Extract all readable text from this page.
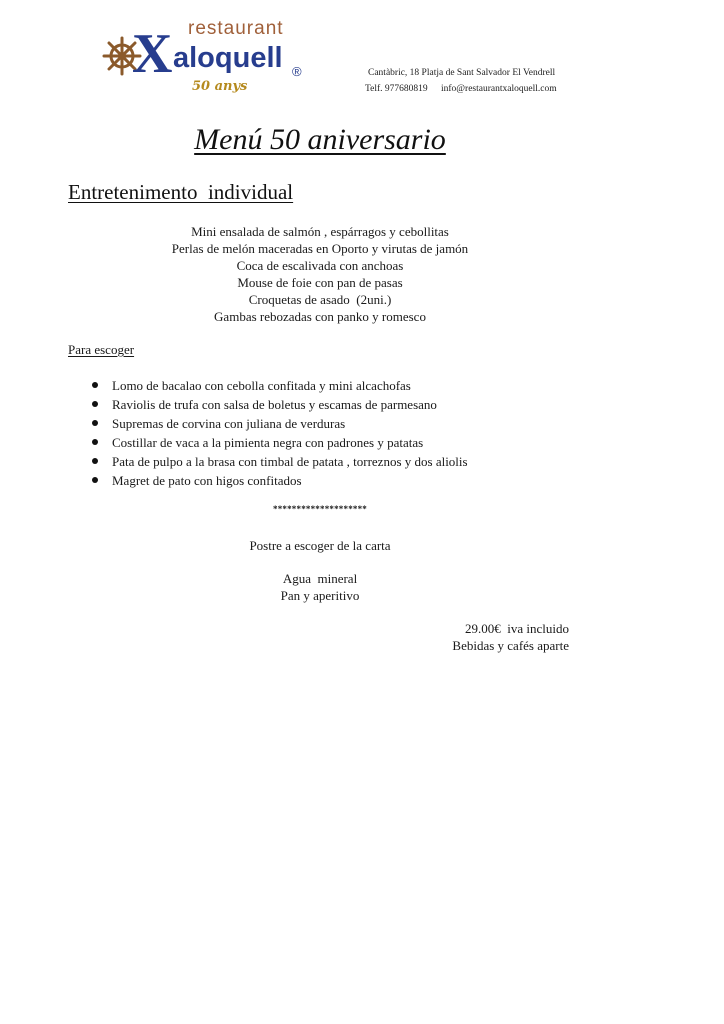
restaurant
X aloquell ®
50 anys
Cantàbric, 18 Platja de Sant Salvador El Vendrell
Telf. 977680819 info@restaurantxaloquell.com
Menú 50 aniversario
Entretenimento  individual
Mini ensalada de salmón , espárragos y cebollitas
Perlas de melón maceradas en Oporto y virutas de jamón
Coca de escalivada con anchoas
Mouse de foie con pan de pasas
Croquetas de asado  (2uni.)
Gambas rebozadas con panko y romesco
Para escoger
Lomo de bacalao con cebolla confitada y mini alcachofas
Raviolis de trufa con salsa de boletus y escamas de parmesano
Supremas de corvina con juliana de verduras
Costillar de vaca a la pimienta negra con padrones y patatas
Pata de pulpo a la brasa con timbal de patata , torreznos y dos aliolis
Magret de pato con higos confitados
********************
Postre a escoger de la carta
Agua  mineral
Pan y aperitivo
29.00€  iva incluido
Bebidas y cafés aparte
